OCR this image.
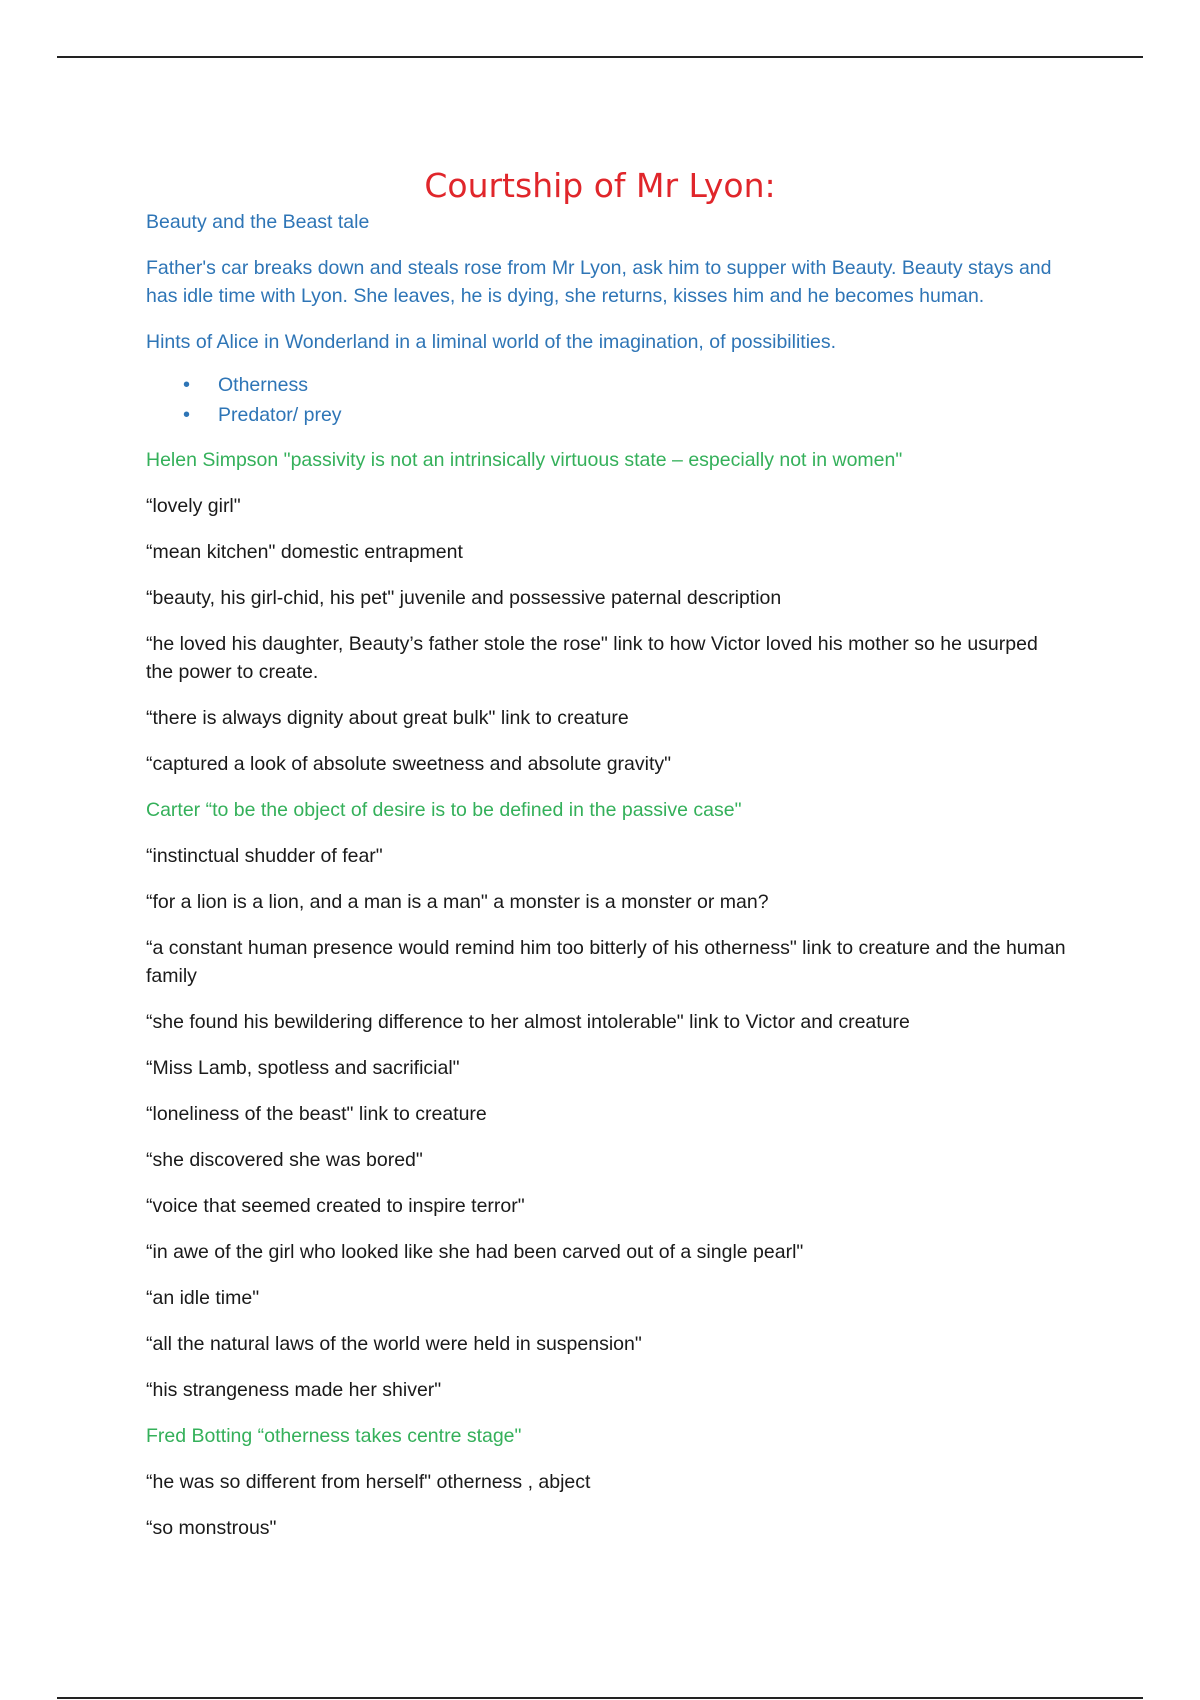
Courtship of Mr Lyon:

Beauty and the Beast tale

Father's car breaks down and steals rose from Mr Lyon, ask him to supper with Beauty. Beauty stays and has idle time with Lyon. She leaves, he is dying, she returns, kisses him and he becomes human.

Hints of Alice in Wonderland in a liminal world of the imagination, of possibilities.

• Otherness
• Predator/ prey

Helen Simpson "passivity is not an intrinsically virtuous state – especially not in women"

“lovely girl"

“mean kitchen" domestic entrapment

“beauty, his girl-chid, his pet" juvenile and possessive paternal description

“he loved his daughter, Beauty’s father stole the rose" link to how Victor loved his mother so he usurped the power to create.

“there is always dignity about great bulk" link to creature

“captured a look of absolute sweetness and absolute gravity"

Carter “to be the object of desire is to be defined in the passive case"

“instinctual shudder of fear"

“for a lion is a lion, and a man is a man" a monster is a monster or man?

“a constant human presence would remind him too bitterly of his otherness" link to creature and the human family

“she found his bewildering difference to her almost intolerable" link to Victor and creature

“Miss Lamb, spotless and sacrificial"

“loneliness of the beast" link to creature

“she discovered she was bored"

“voice that seemed created to inspire terror"

“in awe of the girl who looked like she had been carved out of a single pearl"

“an idle time"

“all the natural laws of the world were held in suspension"

“his strangeness made her shiver"

Fred Botting “otherness takes centre stage"

“he was so different from herself" otherness , abject

“so monstrous"
